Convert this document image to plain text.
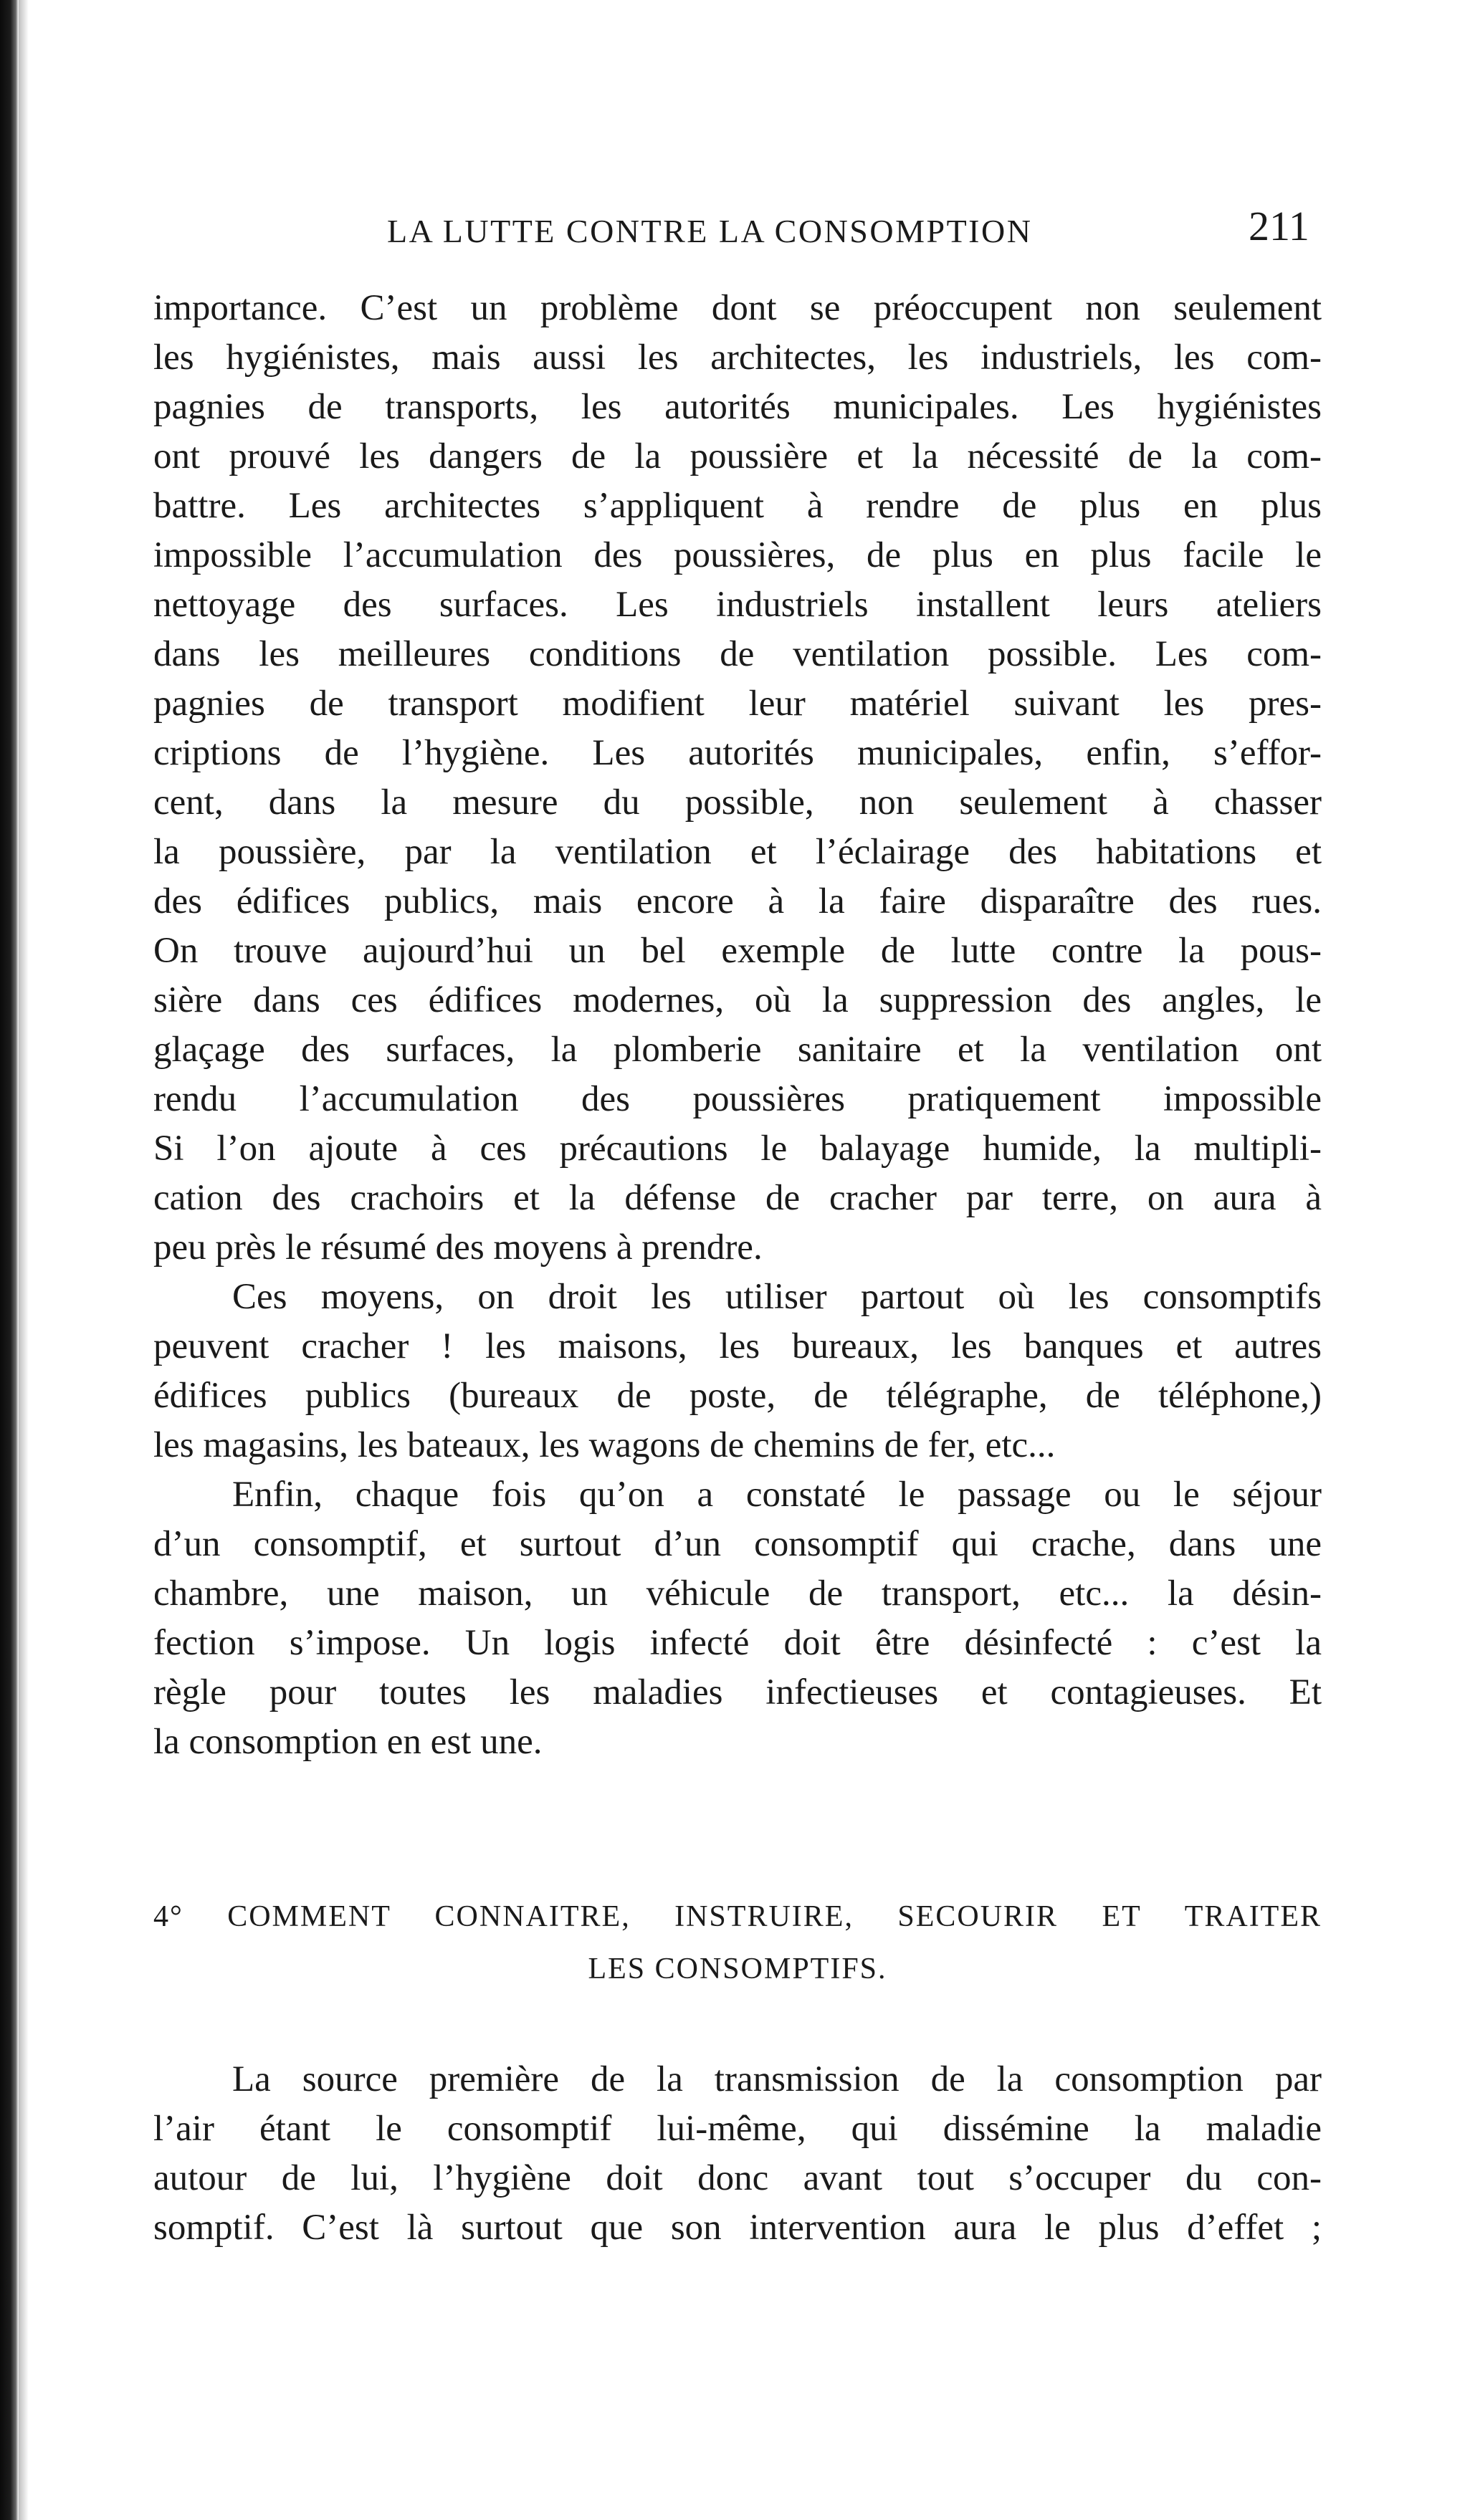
LA LUTTE CONTRE LA CONSOMPTION	211
importance. C’est un problème dont se préoccupent non seulement
les hygiénistes, mais aussi les architectes, les industriels, les com-
pagnies de transports, les autorités municipales. Les hygiénistes
ont prouvé les dangers de la poussière et la nécessité de la com-
battre. Les architectes s’appliquent à rendre de plus en plus
impossible l’accumulation des poussières, de plus en plus facile le
nettoyage des surfaces. Les industriels installent leurs ateliers
dans les meilleures conditions de ventilation possible. Les com-
pagnies de transport modifient leur matériel suivant les pres-
criptions de l’hygiène. Les autorités municipales, enfin, s’effor-
cent, dans la mesure du possible, non seulement à chasser
la poussière, par la ventilation et l’éclairage des habitations et
des édifices publics, mais encore à la faire disparaître des rues.
On trouve aujourd’hui un bel exemple de lutte contre la pous-
sière dans ces édifices modernes, où la suppression des angles, le
glaçage des surfaces, la plomberie sanitaire et la ventilation ont
rendu l’accumulation des poussières pratiquement impossible
Si l’on ajoute à ces précautions le balayage humide, la multipli-
cation des crachoirs et la défense de cracher par terre, on aura à
peu près le résumé des moyens à prendre.
Ces moyens, on droit les utiliser partout où les consomptifs
peuvent cracher ! les maisons, les bureaux, les banques et autres
édifices publics (bureaux de poste, de télégraphe, de téléphone,)
les magasins, les bateaux, les wagons de chemins de fer, etc...
Enfin, chaque fois qu’on a constaté le passage ou le séjour
d’un consomptif, et surtout d’un consomptif qui crache, dans une
chambre, une maison, un véhicule de transport, etc... la désin-
fection s’impose. Un logis infecté doit être désinfecté : c’est la
règle pour toutes les maladies infectieuses et contagieuses. Et
la consomption en est une.
4° COMMENT CONNAITRE, INSTRUIRE, SECOURIR ET TRAITER
LES CONSOMPTIFS.
La source première de la transmission de la consomption par
l’air étant le consomptif lui-même, qui dissémine la maladie
autour de lui, l’hygiène doit donc avant tout s’occuper du con-
somptif. C’est là surtout que son intervention aura le plus d’effet ;
